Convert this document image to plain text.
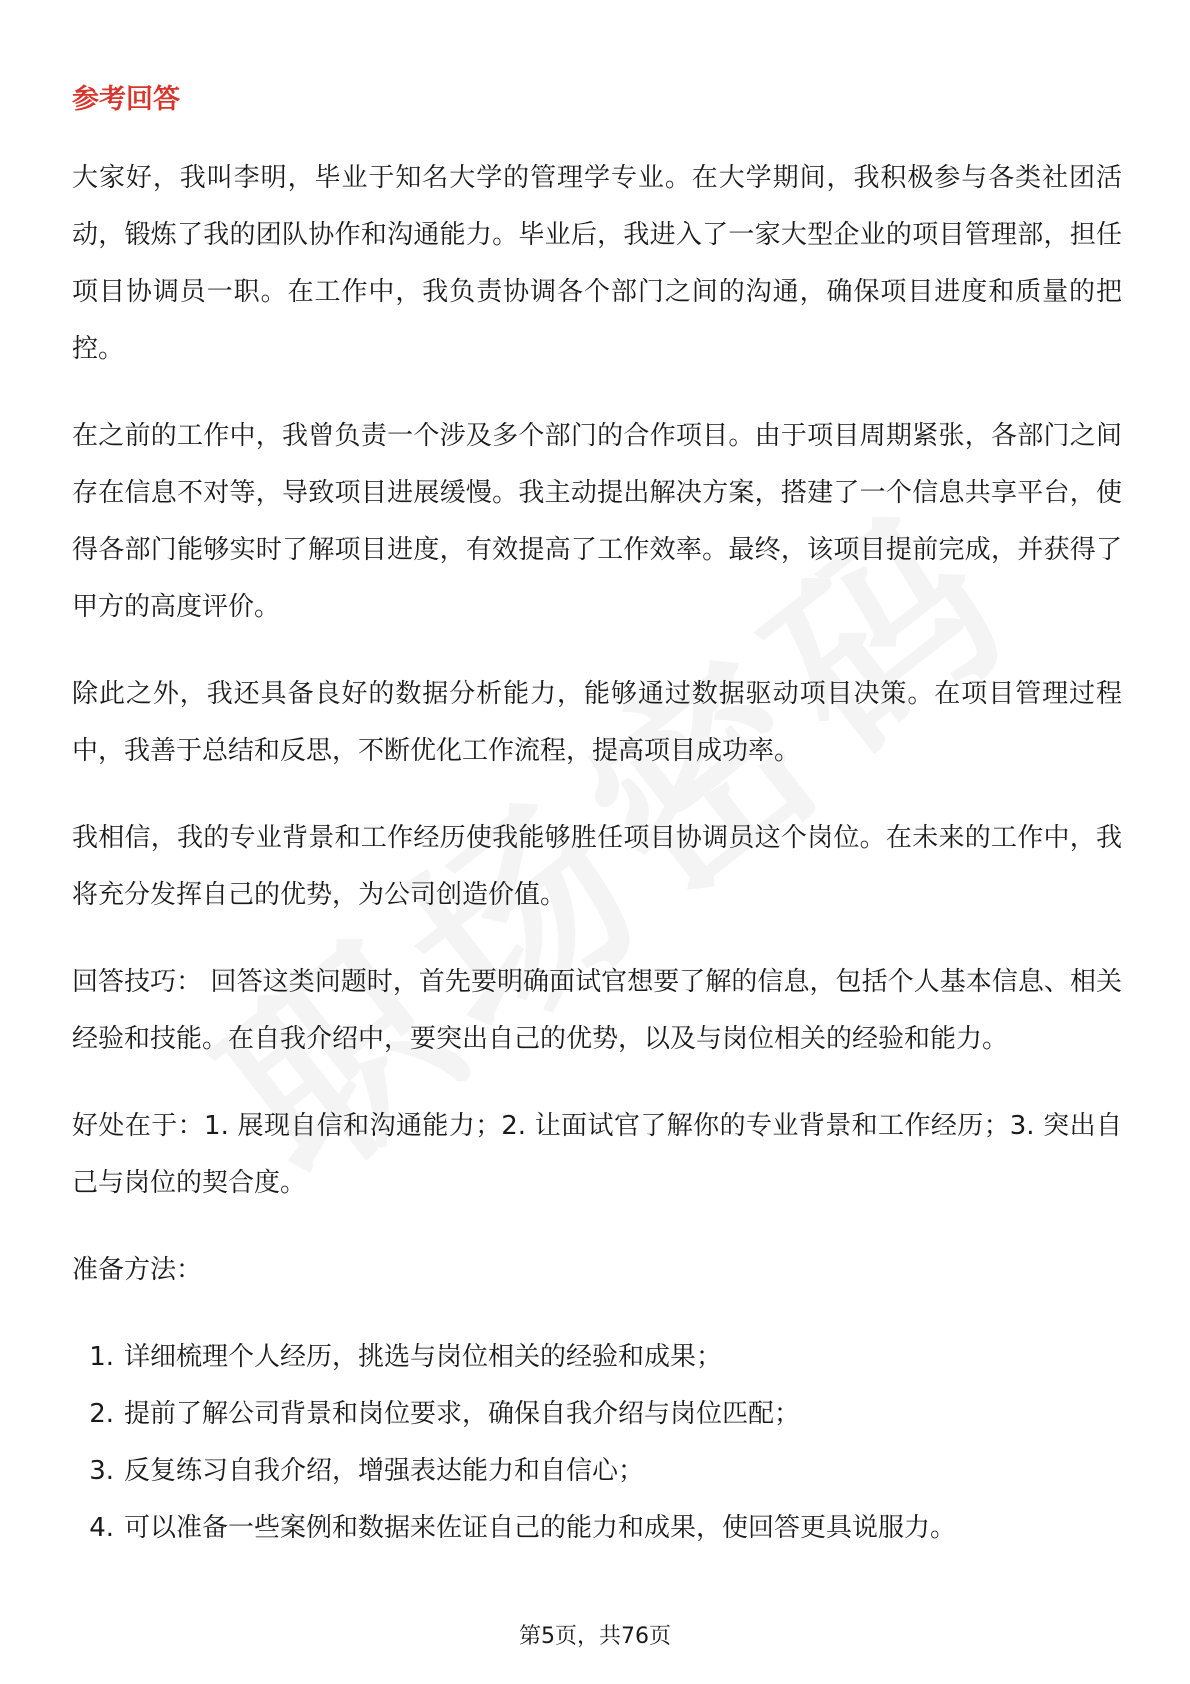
参考回答

大家好，我叫李明，毕业于知名大学的管理学专业。在大学期间，我积极参与各类社团活动，锻炼了我的团队协作和沟通能力。毕业后，我进入了一家大型企业的项目管理部，担任项目协调员一职。在工作中，我负责协调各个部门之间的沟通，确保项目进度和质量的把控。

在之前的工作中，我曾负责一个涉及多个部门的合作项目。由于项目周期紧张，各部门之间存在信息不对等，导致项目进展缓慢。我主动提出解决方案，搭建了一个信息共享平台，使得各部门能够实时了解项目进度，有效提高了工作效率。最终，该项目提前完成，并获得了甲方的高度评价。

除此之外，我还具备良好的数据分析能力，能够通过数据驱动项目决策。在项目管理过程中，我善于总结和反思，不断优化工作流程，提高项目成功率。

我相信，我的专业背景和工作经历使我能够胜任项目协调员这个岗位。在未来的工作中，我将充分发挥自己的优势，为公司创造价值。

回答技巧： 回答这类问题时，首先要明确面试官想要了解的信息，包括个人基本信息、相关经验和技能。在自我介绍中，要突出自己的优势，以及与岗位相关的经验和能力。

好处在于：1. 展现自信和沟通能力；2. 让面试官了解你的专业背景和工作经历；3. 突出自己与岗位的契合度。

准备方法：

1. 详细梳理个人经历，挑选与岗位相关的经验和成果；
2. 提前了解公司背景和岗位要求，确保自我介绍与岗位匹配；
3. 反复练习自我介绍，增强表达能力和自信心；
4. 可以准备一些案例和数据来佐证自己的能力和成果，使回答更具说服力。
第5页，共76页
